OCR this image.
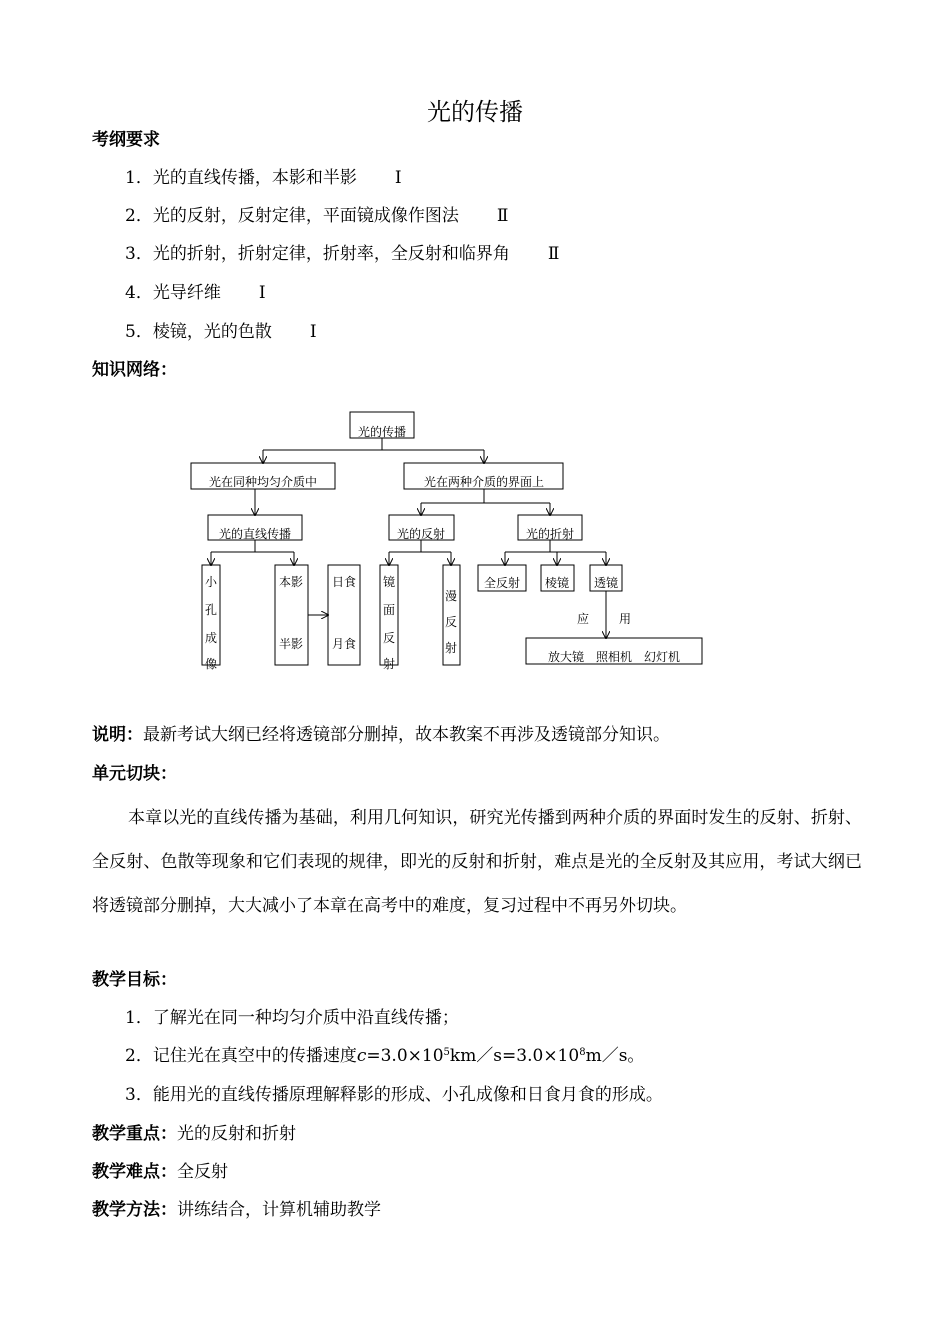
光的传播
考纲要求
1．光的直线传播，本影和半影 Ⅰ
2．光的反射，反射定律，平面镜成像作图法 Ⅱ
3．光的折射，折射定律，折射率，全反射和临界角 Ⅱ
4．光导纤维 Ⅰ
5．棱镜，光的色散 Ⅰ
知识网络：
光的传播
光在同种均匀介质中	光在两种介质的界面上
光的直线传播	光的反射	光的折射
小
孔
成
像
本影
半影
日食
月食
镜
面
反
射
漫
反
射
全反射 棱镜 透镜
应 用
放大镜　照相机　幻灯机
说明：最新考试大纲已经将透镜部分删掉，故本教案不再涉及透镜部分知识。
单元切块：
本章以光的直线传播为基础，利用几何知识，研究光传播到两种介质的界面时发生的反射、折射、全反射、色散等现象和它们表现的规律，即光的反射和折射，难点是光的全反射及其应用，考试大纲已将透镜部分删掉，大大减小了本章在高考中的难度，复习过程中不再另外切块。
教学目标：
1．了解光在同一种均匀介质中沿直线传播；
2．记住光在真空中的传播速度$c=3.0\times 10^5km/s=3.0\times 10^8m/s$。
3．能用光的直线传播原理解释影的形成、小孔成像和日食月食的形成。
教学重点：光的反射和折射
教学难点：全反射
教学方法：讲练结合，计算机辅助教学
